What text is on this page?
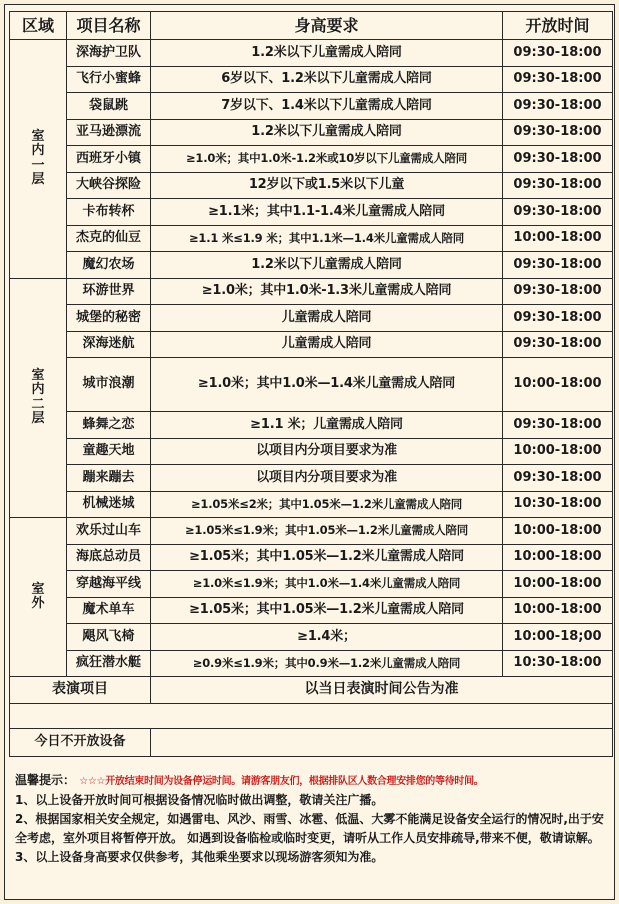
区域	项目名称	身高要求	开放时间

室
内
一
层	深海护卫队	1.2米以下儿童需成人陪同	09:30-18:00
	飞行小蜜蜂	6岁以下、1.2米以下儿童需成人陪同	09:30-18:00
	袋鼠跳	7岁以下、1.4米以下儿童需成人陪同	09:30-18:00
	亚马逊漂流	1.2米以下儿童需成人陪同	09:30-18:00
	西班牙小镇	≥1.0米；其中1.0米-1.2米或10岁以下儿童需成人陪同	09:30-18:00
	大峡谷探险	12岁以下或1.5米以下儿童	09:30-18:00
	卡布转杯	≥1.1米；其中1.1-1.4米儿童需成人陪同	09:30-18:00
	杰克的仙豆	≥1.1 米≤1.9 米；其中1.1米—1.4米儿童需成人陪同	10:00-18:00
	魔幻农场	1.2米以下儿童需成人陪同	09:30-18:00

室
内
二
层	环游世界	≥1.0米；其中1.0米-1.3米儿童需成人陪同	09:30-18:00
	城堡的秘密	儿童需成人陪同	09:30-18:00
	深海迷航	儿童需成人陪同	09:30-18:00
	城市浪潮	≥1.0米；其中1.0米—1.4米儿童需成人陪同	10:00-18:00
	蜂舞之恋	≥1.1 米；儿童需成人陪同	09:30-18:00
	童趣天地	以项目内分项目要求为准	10:00-18:00
	蹦来蹦去	以项目内分项目要求为准	09:30-18:00
	机械迷城	≥1.05米≤2米；其中1.05米—1.2米儿童需成人陪同	10:30-18:00

室
外	欢乐过山车	≥1.05米≤1.9米；其中1.05米—1.2米儿童需成人陪同	10:00-18:00
	海底总动员	≥1.05米；其中1.05米—1.2米儿童需成人陪同	10:00-18:00
	穿越海平线	≥1.0米≤1.9米；其中1.0米—1.4米儿童需成人陪同	10:00-18:00
	魔术单车	≥1.05米；其中1.05米—1.2米儿童需成人陪同	10:00-18:00
	飓风飞椅	≥1.4米；	10:00-18;00
	疯狂潜水艇	≥0.9米≤1.9米；其中0.9米—1.2米儿童需成人陪同	10:30-18:00
表演项目		以当日表演时间公告为准	

今日不开放设备			
温馨提示： ☆☆☆开放结束时间为设备停运时间。请游客朋友们，根据排队区人数合理安排您的等待时间。

1、以上设备开放时间可根据设备情况临时做出调整，敬请关注广播。

2、根据国家相关安全规定，如遇雷电、风沙、雨雪、冰雹、低温、大雾不能满足设备安全运行的情况时,出于安全考虑，室外项目将暂停开放。 如遇到设备临检或临时变更，请听从工作人员安排疏导,带来不便，敬请谅解。

3、以上设备身高要求仅供参考，其他乘坐要求以现场游客须知为准。
